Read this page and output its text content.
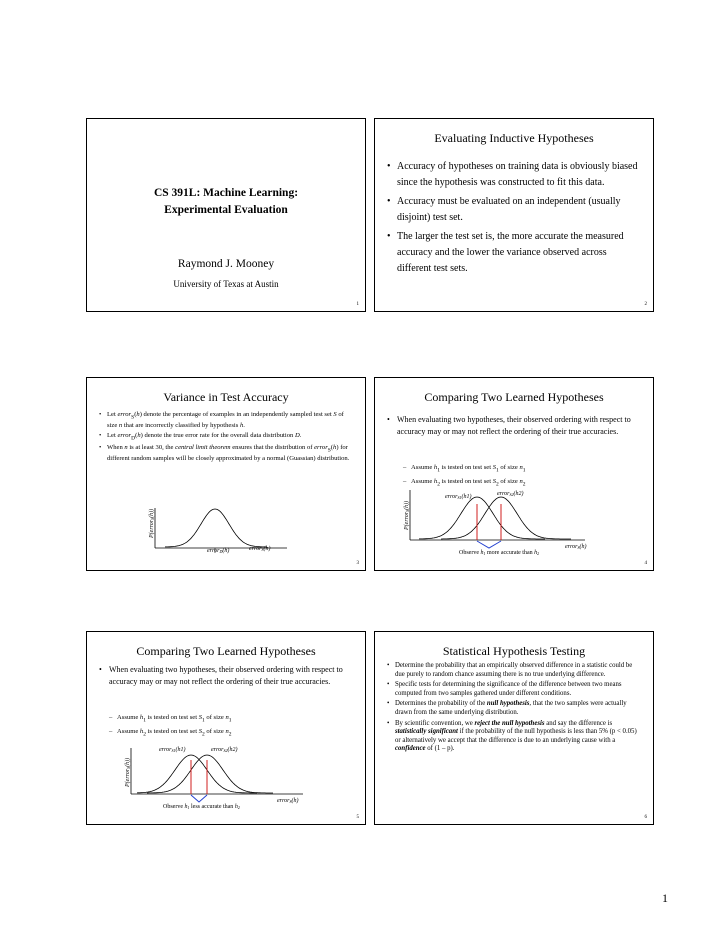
CS 391L: Machine Learning:
Experimental Evaluation
Raymond J. Mooney
University of Texas at Austin
1
Evaluating Inductive Hypotheses
• Accuracy of hypotheses on training data is obviously biased since the hypothesis was constructed to fit this data.
• Accuracy must be evaluated on an independent (usually disjoint) test set.
• The larger the test set is, the more accurate the measured accuracy and the lower the variance observed across different test sets.
2
Variance in Test Accuracy
• Let error$_S$(h) denote the percentage of examples in an independently sampled test set S of size n that are incorrectly classified by hypothesis h.
• Let error$_D$(h) denote the true error rate for the overall data distribution D.
• When n is at least 30, the central limit theorem ensures that the distribution of error$_S$(h) for different random samples will be closely approximated by a normal (Guassian) distribution.
P(errorS(h))
errorD(h)	errorS(h)
3
Comparing Two Learned Hypotheses
• When evaluating two hypotheses, their observed ordering with respect to accuracy may or may not reflect the ordering of their true accuracies.
– Assume $h_1$ is tested on test set $S_1$ of size $n_1$
– Assume $h_2$ is tested on test set $S_2$ of size $n_2$
errorS1(h1)	errorS2(h2)
P(errorS(h))
errorS(h)
Observe h1 more accurate than h2
4
Comparing Two Learned Hypotheses
• When evaluating two hypotheses, their observed ordering with respect to accuracy may or may not reflect the ordering of their true accuracies.
– Assume $h_1$ is tested on test set $S_1$ of size $n_1$
– Assume $h_2$ is tested on test set $S_2$ of size $n_2$
errorS1(h1)	errorS2(h2)
P(errorS(h))
errorS(h)
Observe h1 less accurate than h2
5
Statistical Hypothesis Testing
• Determine the probability that an empirically observed difference in a statistic could be due purely to random chance assuming there is no true underlying difference.
• Specific tests for determining the significance of the difference between two means computed from two samples gathered under different conditions.
• Determines the probability of the null hypothesis, that the two samples were actually drawn from the same underlying distribution.
• By scientific convention, we reject the null hypothesis and say the difference is statistically significant if the probability of the null hypothesis is less than 5% (p < 0.05) or alternatively we accept that the difference is due to an underlying cause with a confidence of (1 – p).
6
1
